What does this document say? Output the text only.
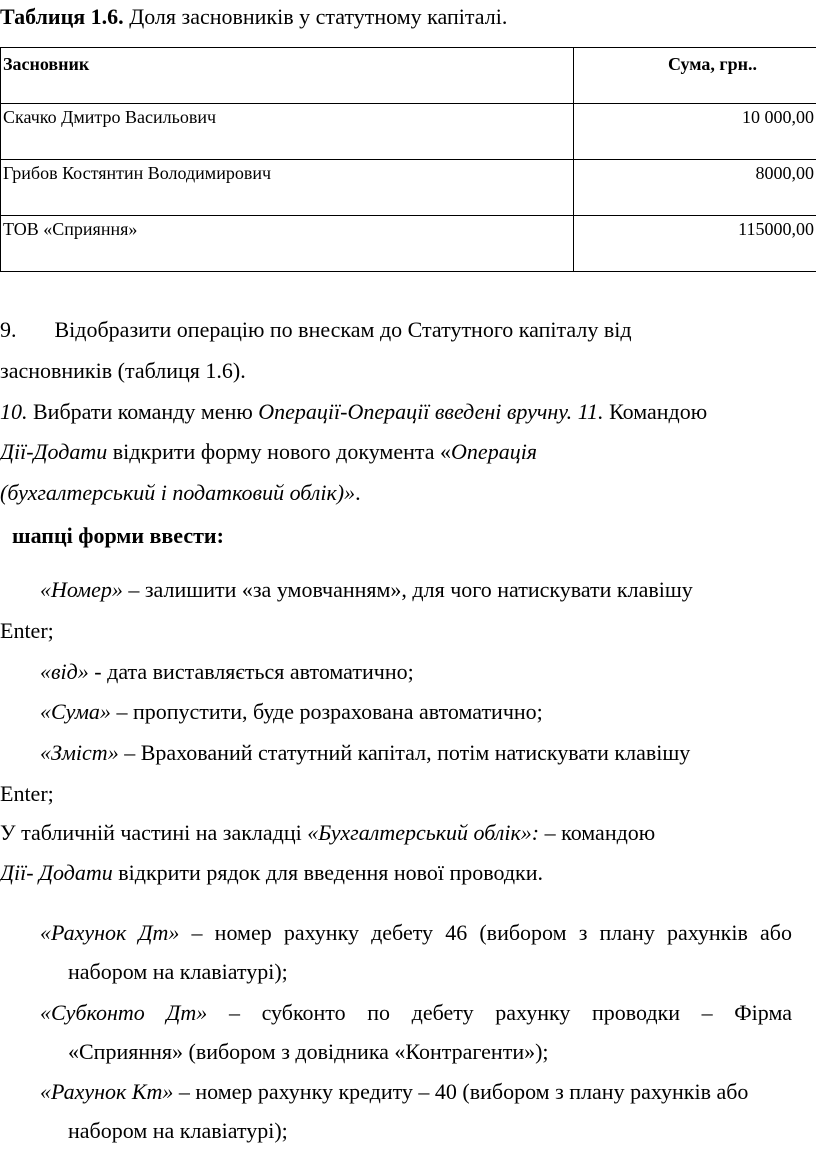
Таблиця 1.6. Доля засновників у статутному капіталі.
Засновник	Сума, грн..
Скачко Дмитро Васильович	10 000,00
Грибов Костянтин Володимирович	8000,00
ТОВ «Сприяння»	115000,00
9. Відобразити операцію по внескам до Статутного капіталу від
засновників (таблиця 1.6).
10. Вибрати команду меню Операції-Операції введені вручну. 11. Командою
Дії-Додати відкрити форму нового документа «Операція
(бухгалтерський і податковий облік)».
шапці форми ввести:
«Номер» – залишити «за умовчанням», для чого натискувати клавішу
Enter;
«від» - дата виставляється автоматично;
«Сума» – пропустити, буде розрахована автоматично;
«Зміст» – Врахований статутний капітал, потім натискувати клавішу
Enter;
У табличній частині на закладці «Бухгалтерський облік»: – командою
Дії- Додати відкрити рядок для введення нової проводки.
«Рахунок Дт» – номер рахунку дебету 46 (вибором з плану рахунків або
набором на клавіатурі);
«Субконто Дт» – субконто по дебету рахунку проводки – Фірма
«Сприяння» (вибором з довідника «Контрагенти»);
«Рахунок Кт» – номер рахунку кредиту – 40 (вибором з плану рахунків або
набором на клавіатурі);
